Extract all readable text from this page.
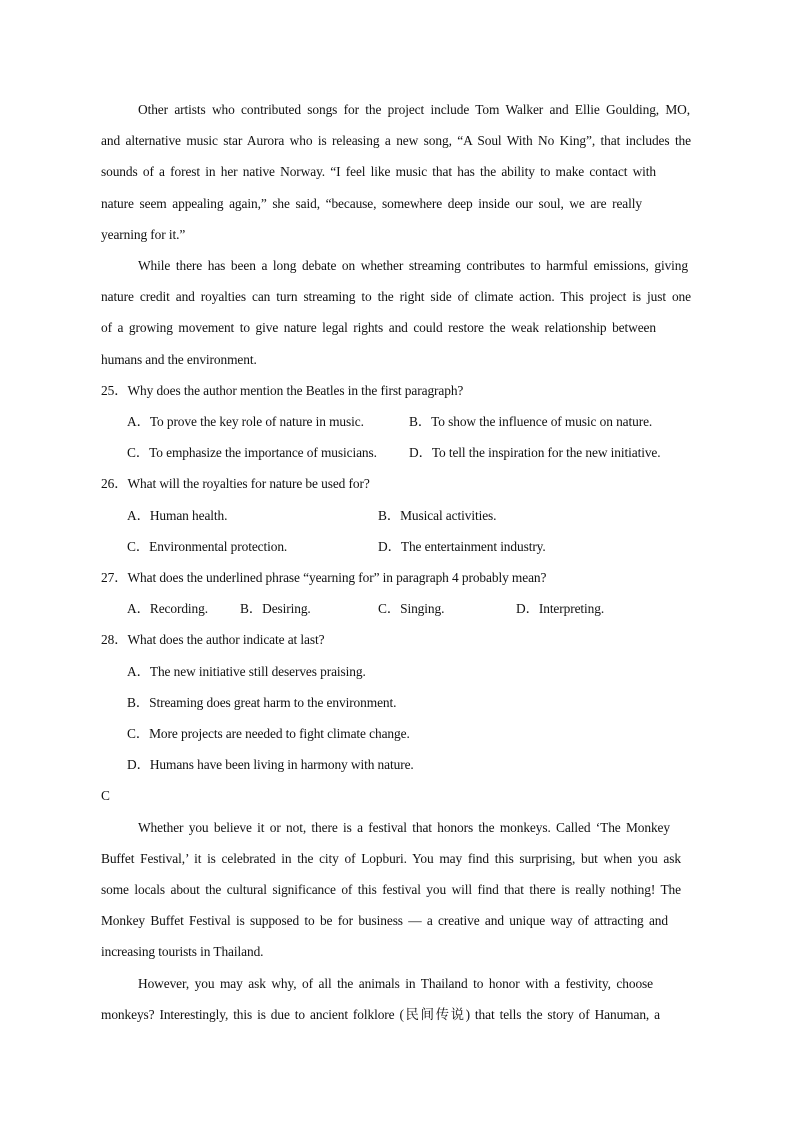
Other artists who contributed songs for the project include Tom Walker and Ellie Goulding, MO,
and alternative music star Aurora who is releasing a new song, “A Soul With No King”, that includes the
sounds of a forest in her native Norway. “I feel like music that has the ability to make contact with
nature seem appealing again,” she said, “because, somewhere deep inside our soul, we are really
yearning for it.”
While there has been a long debate on whether streaming contributes to harmful emissions, giving
nature credit and royalties can turn streaming to the right side of climate action. This project is just one
of a growing movement to give nature legal rights and could restore the weak relationship between
humans and the environment.
25．Why does the author mention the Beatles in the first paragraph?
A．To prove the key role of nature in music.	B．To show the influence of music on nature.
C．To emphasize the importance of musicians. D．To tell the inspiration for the new initiative.
26．What will the royalties for nature be used for?
A．Human health.	B．Musical activities.
C．Environmental protection.	D．The entertainment industry.
27．What does the underlined phrase “yearning for” in paragraph 4 probably mean?
A．Recording. B．Desiring.	C．Singing.	D．Interpreting.
28．What does the author indicate at last?
A．The new initiative still deserves praising.
B．Streaming does great harm to the environment.
C．More projects are needed to fight climate change.
D．Humans have been living in harmony with nature.
C
Whether you believe it or not, there is a festival that honors the monkeys. Called ‘The Monkey
Buffet Festival,’ it is celebrated in the city of Lopburi. You may find this surprising, but when you ask
some locals about the cultural significance of this festival you will find that there is really nothing! The
Monkey Buffet Festival is supposed to be for business — a creative and unique way of attracting and
increasing tourists in Thailand.
However, you may ask why, of all the animals in Thailand to honor with a festivity, choose
monkeys? Interestingly, this is due to ancient folklore (民间传说) that tells the story of Hanuman, a
